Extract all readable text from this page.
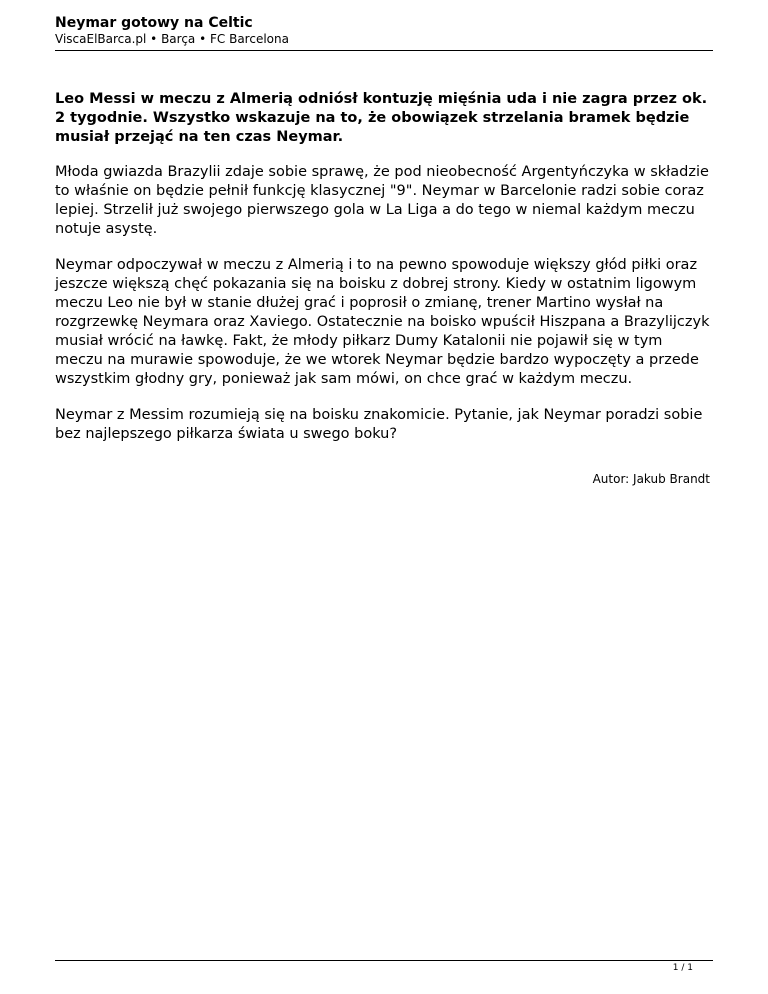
Neymar gotowy na Celtic
ViscaElBarca.pl • Barça • FC Barcelona

Leo Messi w meczu z Almerią odniósł kontuzję mięśnia uda i nie zagra przez ok. 2 tygodnie. Wszystko wskazuje na to, że obowiązek strzelania bramek będzie musiał przejąć na ten czas Neymar.

Młoda gwiazda Brazylii zdaje sobie sprawę, że pod nieobecność Argentyńczyka w składzie to właśnie on będzie pełnił funkcję klasycznej "9". Neymar w Barcelonie radzi sobie coraz lepiej. Strzelił już swojego pierwszego gola w La Liga a do tego w niemal każdym meczu notuje asystę.

Neymar odpoczywał w meczu z Almerią i to na pewno spowoduje większy głód piłki oraz jeszcze większą chęć pokazania się na boisku z dobrej strony. Kiedy w ostatnim ligowym meczu Leo nie był w stanie dłużej grać i poprosił o zmianę, trener Martino wysłał na rozgrzewkę Neymara oraz Xaviego. Ostatecznie na boisko wpuścił Hiszpana a Brazylijczyk musiał wrócić na ławkę. Fakt, że młody piłkarz Dumy Katalonii nie pojawił się w tym meczu na murawie spowoduje, że we wtorek Neymar będzie bardzo wypoczęty a przede wszystkim głodny gry, ponieważ jak sam mówi, on chce grać w każdym meczu.

Neymar z Messim rozumieją się na boisku znakomicie. Pytanie, jak Neymar poradzi sobie bez najlepszego piłkarza świata u swego boku?

Autor: Jakub Brandt
1 / 1
